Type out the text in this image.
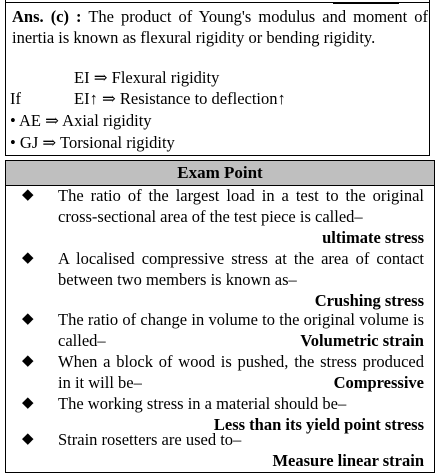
Ans. (c) : The product of Young's modulus and moment of inertia is known as flexural rigidity or bending rigidity.
EI ⇒ Flexural rigidity
If	EI↑ ⇒ Resistance to deflection↑
• AE ⇒ Axial rigidity
• GJ ⇒ Torsional rigidity
Exam Point
◆ The ratio of the largest load in a test to the original cross-sectional area of the test piece is called–
ultimate stress
◆ A localised compressive stress at the area of contact between two members is known as–
Crushing stress
◆ The ratio of change in volume to the original volume is called–	Volumetric strain
◆ When a block of wood is pushed, the stress produced in it will be–	Compressive
◆ The working stress in a material should be–
Less than its yield point stress
◆ Strain rosetters are used to–
Measure linear strain
